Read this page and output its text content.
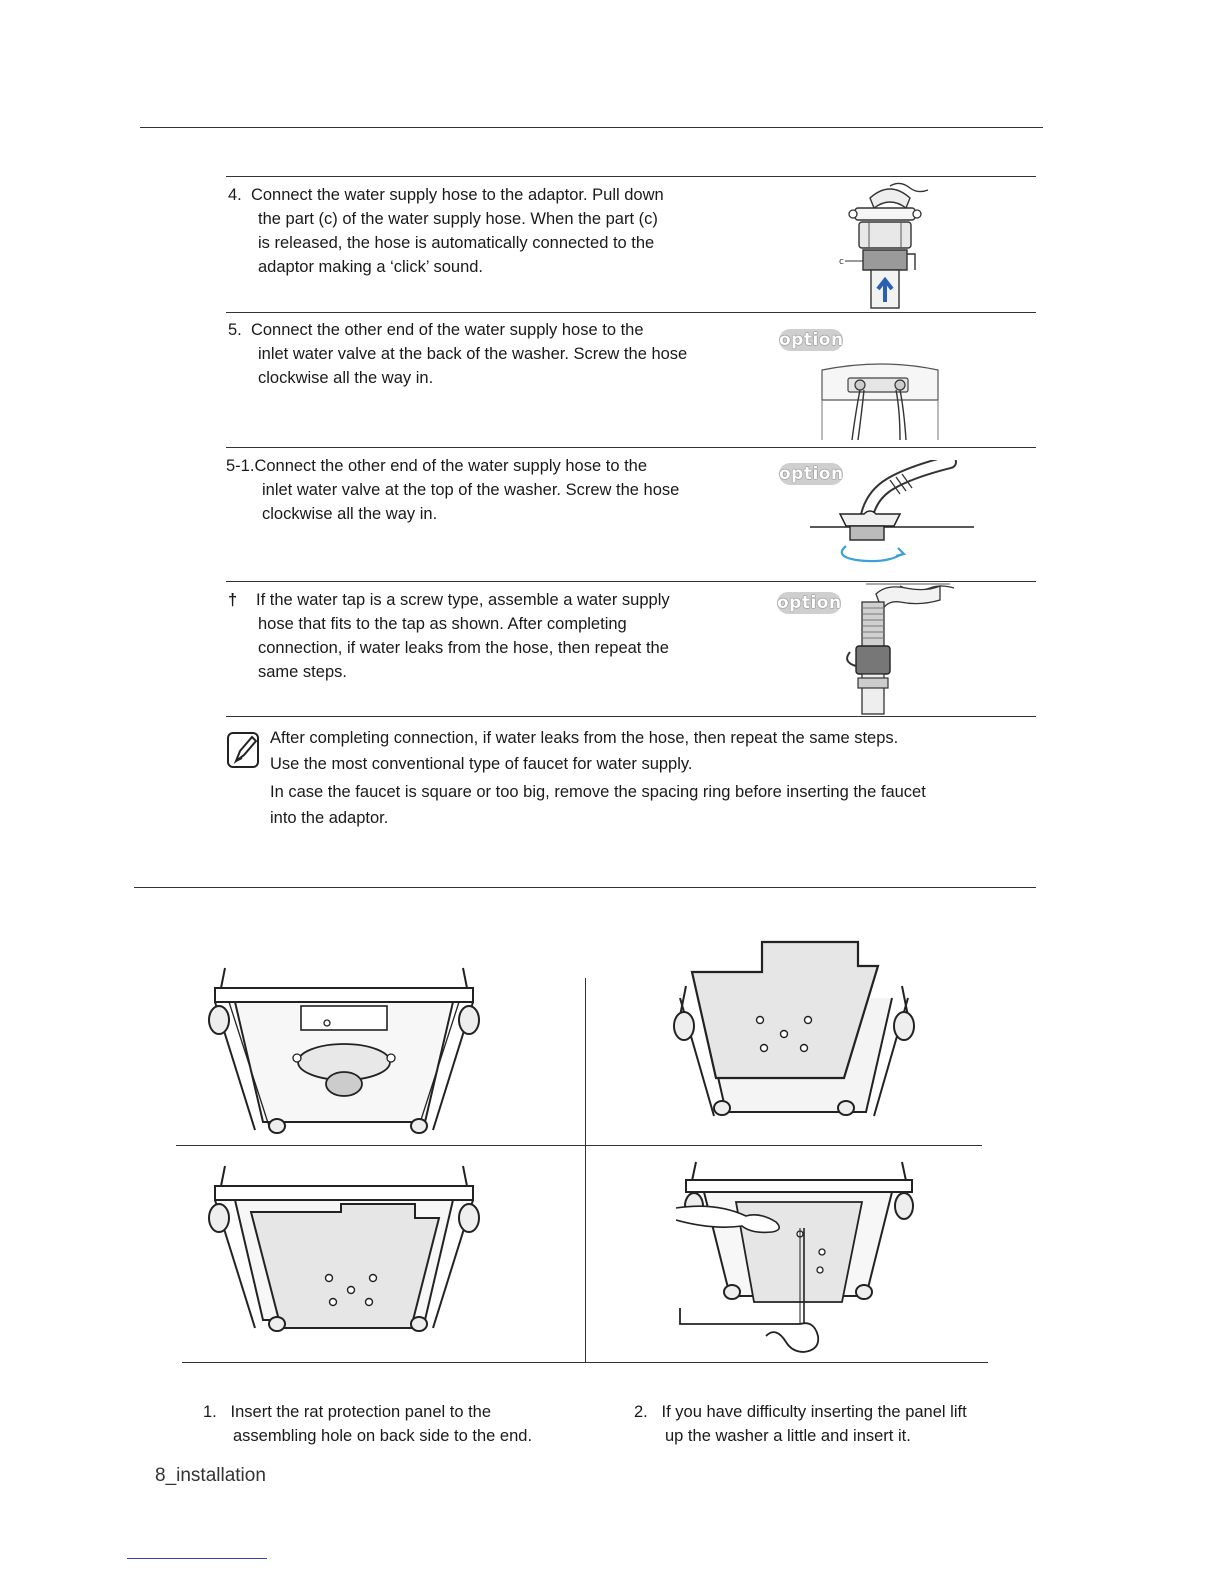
4. Connect the water supply hose to the adaptor. Pull down
the part (c) of the water supply hose. When the part (c)
is released, the hose is automatically connected to the
adaptor making a ‘click’ sound.	c
5. Connect the other end of the water supply hose to the
inlet water valve at the back of the washer. Screw the hose
clockwise all the way in.
option
5-1.Connect the other end of the water supply hose to the
inlet water valve at the top of the washer. Screw the hose
clockwise all the way in.
option
† If the water tap is a screw type, assemble a water supply
hose that fits to the tap as shown. After completing
connection, if water leaks from the hose, then repeat the
same steps.
option
After completing connection, if water leaks from the hose, then repeat the same steps.
Use the most conventional type of faucet for water supply.
In case the faucet is square or too big, remove the spacing ring before inserting the faucet
into the adaptor.
1. Insert the rat protection panel to the
assembling hole on back side to the end.
2. If you have difficulty inserting the panel lift
up the washer a little and insert it.
8_installation
